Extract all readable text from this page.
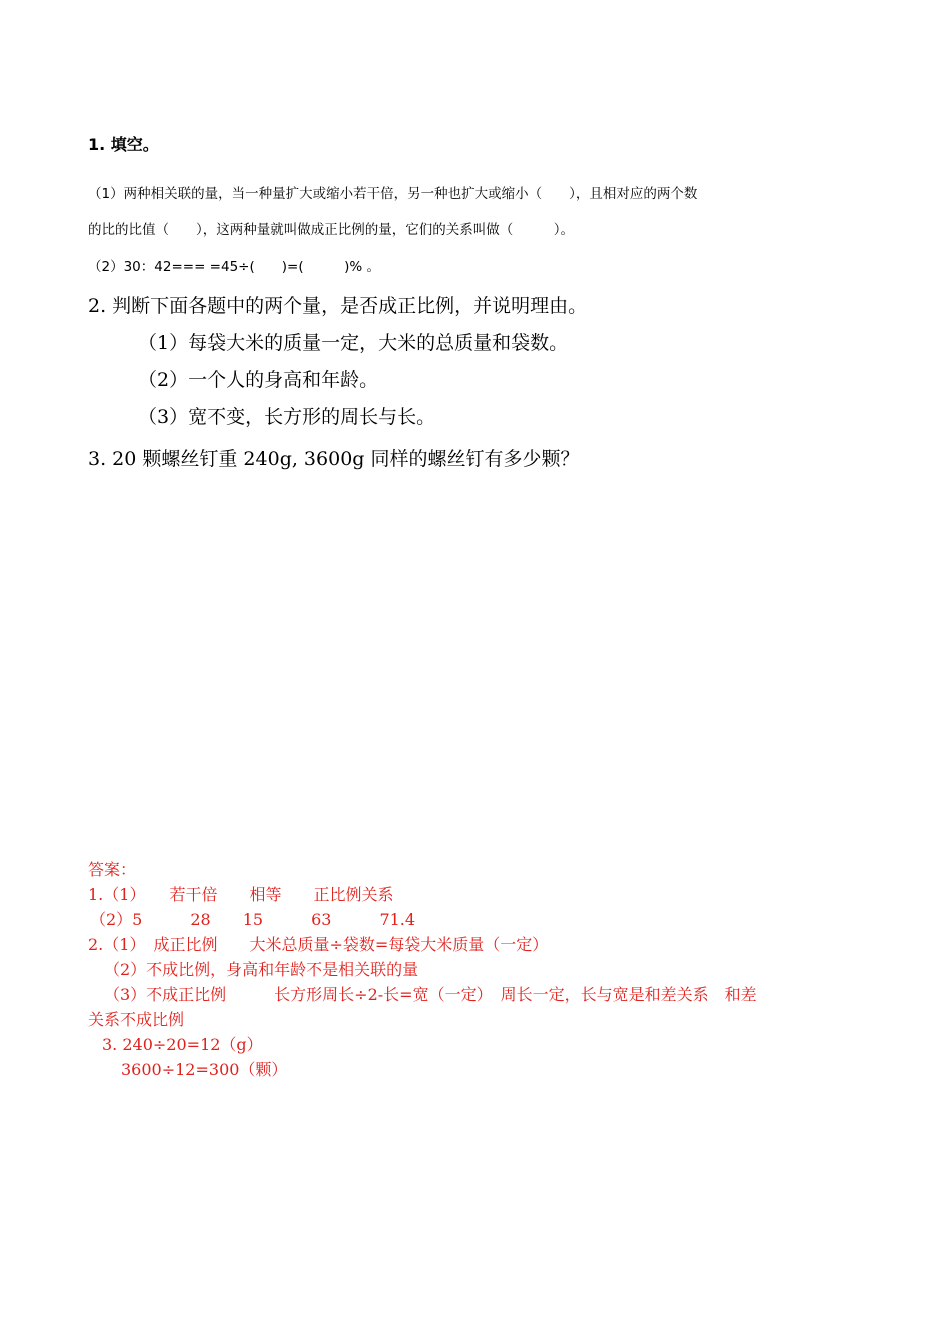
1. 填空。
（1）两种相关联的量，当一种量扩大或缩小若干倍，另一种也扩大或缩小（　　），且相对应的两个数
的比的比值（　　），这两种量就叫做成正比例的量，它们的关系叫做（　　　）。
（2）30：42=== =45÷(　　)=(　　　)% 。
2. 判断下面各题中的两个量，是否成正比例，并说明理由。
（1）每袋大米的质量一定，大米的总质量和袋数。
（2）一个人的身高和年龄。
（3）宽不变，长方形的周长与长。
3. 20 颗螺丝钉重 240g, 3600g 同样的螺丝钉有多少颗？
答案：
1.（1）　　若干倍　　相等　　正比例关系
（2）5　　　28　　15　　　63　　　71.4
2.（1）　成正比例　　大米总质量÷袋数=每袋大米质量（一定）
（2）不成比例，身高和年龄不是相关联的量
（3）不成正比例　　　长方形周长÷2-长=宽（一定）　周长一定，长与宽是和差关系　和差
关系不成比例
3. 240÷20=12（g）
3600÷12=300（颗）
